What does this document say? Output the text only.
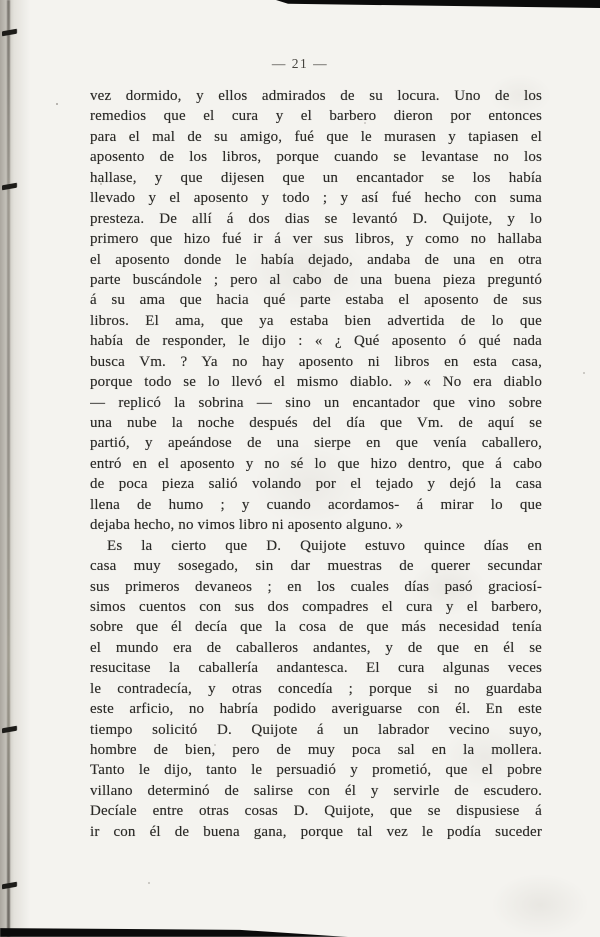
— 21 —
vez dormido, y ellos admirados de su locura. Uno de los
remedios que el cura y el barbero dieron por entonces
para el mal de su amigo, fué que le murasen y tapiasen el
aposento de los libros, porque cuando se levantase no los
hallase, y que dijesen que un encantador se los había
llevado y el aposento y todo ; y así fué hecho con suma
presteza. De allí á dos dias se levantó D. Quijote, y lo
primero que hizo fué ir á ver sus libros, y como no hallaba
el aposento donde le había dejado, andaba de una en otra
parte buscándole ; pero al cabo de una buena pieza preguntó
á su ama que hacia qué parte estaba el aposento de sus
libros. El ama, que ya estaba bien advertida de lo que
había de responder, le dijo : « ¿ Qué aposento ó qué nada
busca Vm. ? Ya no hay aposento ni libros en esta casa,
porque todo se lo llevó el mismo diablo. » « No era diablo
— replicó la sobrina — sino un encantador que vino sobre
una nube la noche después del día que Vm. de aquí se
partió, y apeándose de una sierpe en que venía caballero,
entró en el aposento y no sé lo que hizo dentro, que á cabo
de poca pieza salió volando por el tejado y dejó la casa
llena de humo ; y cuando acordamos- á mirar lo que
dejaba hecho, no vimos libro ni aposento alguno. »
Es la cierto que D. Quijote estuvo quince días en
casa muy sosegado, sin dar muestras de querer secundar
sus primeros devaneos ; en los cuales días pasó graciosí-
simos cuentos con sus dos compadres el cura y el barbero,
sobre que él decía que la cosa de que más necesidad tenía
el mundo era de caballeros andantes, y de que en él se
resucitase la caballería andantesca. El cura algunas veces
le contradecía, y otras concedía ; porque si no guardaba
este arficio, no habría podido averiguarse con él. En este
tiempo solicitó D. Quijote á un labrador vecino suyo,
hombre de bien, pero de muy poca sal en la mollera.
Tanto le dijo, tanto le persuadió y prometió, que el pobre
villano determinó de salirse con él y servirle de escudero.
Decíale entre otras cosas D. Quijote, que se dispusiese á
ir con él de buena gana, porque tal vez le podía suceder
